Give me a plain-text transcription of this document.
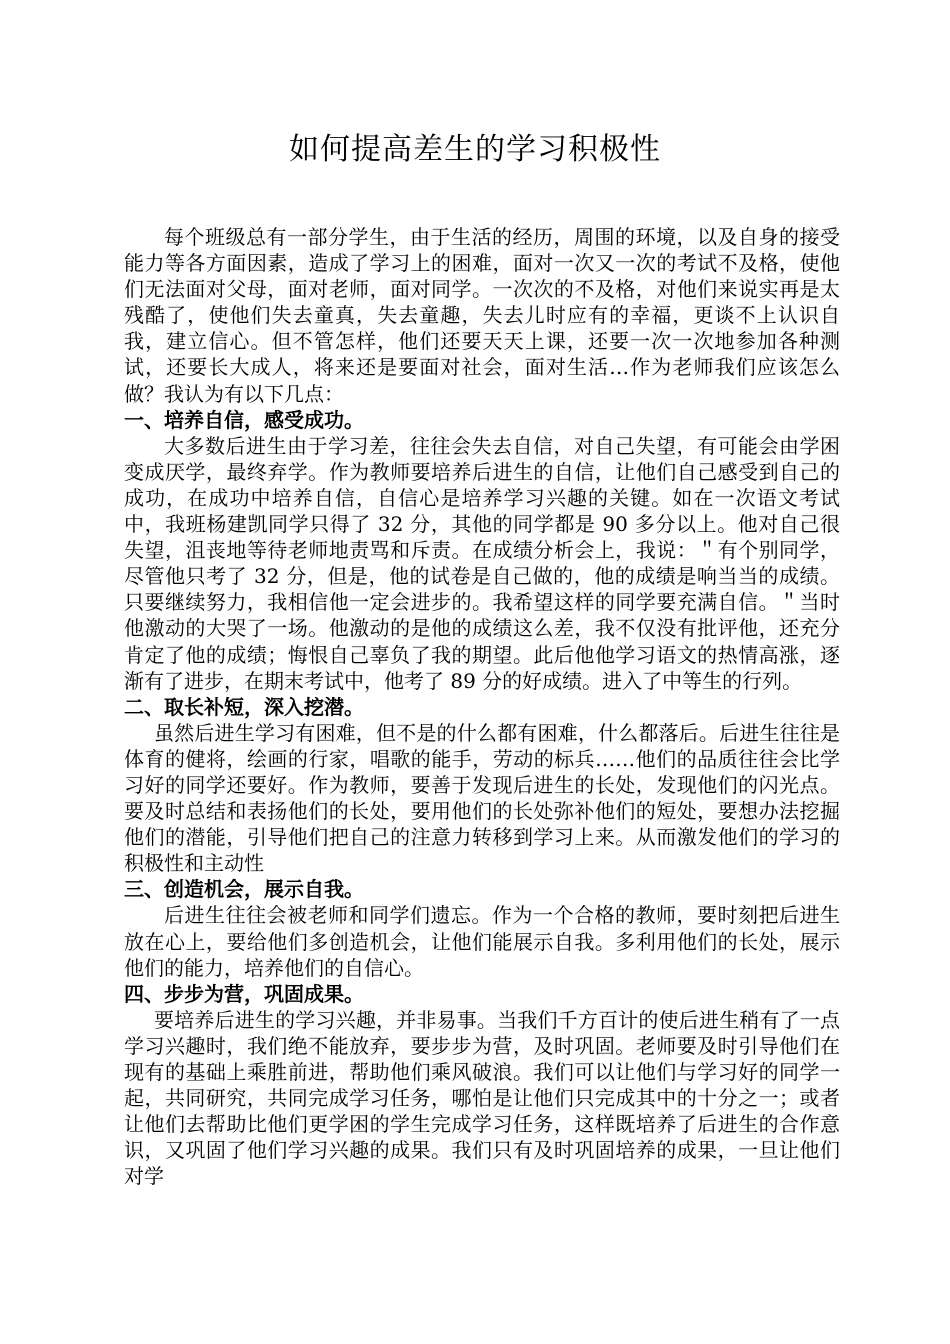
如何提高差生的学习积极性

每个班级总有一部分学生，由于生活的经历，周围的环境，以及自身的接受能力等各方面因素，造成了学习上的困难，面对一次又一次的考试不及格，使他们无法面对父母，面对老师，面对同学。一次次的不及格，对他们来说实再是太残酷了，使他们失去童真，失去童趣，失去儿时应有的幸福，更谈不上认识自我，建立信心。但不管怎样，他们还要天天上课，还要一次一次地参加各种测试，还要长大成人，将来还是要面对社会，面对生活…作为老师我们应该怎么做？我认为有以下几点：

一、培养自信，感受成功。

大多数后进生由于学习差，往往会失去自信，对自己失望，有可能会由学困变成厌学，最终弃学。作为教师要培养后进生的自信，让他们自己感受到自己的成功，在成功中培养自信，自信心是培养学习兴趣的关键。如在一次语文考试中，我班杨建凯同学只得了 32 分，其他的同学都是 90 多分以上。他对自己很失望，沮丧地等待老师地责骂和斥责。在成绩分析会上，我说：＂有个别同学，尽管他只考了 32 分，但是，他的试卷是自己做的，他的成绩是响当当的成绩。只要继续努力，我相信他一定会进步的。我希望这样的同学要充满自信。＂当时他激动的大哭了一场。他激动的是他的成绩这么差，我不仅没有批评他，还充分肯定了他的成绩；悔恨自己辜负了我的期望。此后他他学习语文的热情高涨，逐渐有了进步，在期末考试中，他考了 89 分的好成绩。进入了中等生的行列。

二、取长补短，深入挖潜。

虽然后进生学习有困难，但不是的什么都有困难，什么都落后。后进生往往是体育的健将，绘画的行家，唱歌的能手，劳动的标兵……他们的品质往往会比学习好的同学还要好。作为教师，要善于发现后进生的长处，发现他们的闪光点。要及时总结和表扬他们的长处，要用他们的长处弥补他们的短处，要想办法挖掘他们的潜能，引导他们把自己的注意力转移到学习上来。从而激发他们的学习的积极性和主动性

三、创造机会，展示自我。

后进生往往会被老师和同学们遗忘。作为一个合格的教师，要时刻把后进生放在心上，要给他们多创造机会，让他们能展示自我。多利用他们的长处，展示他们的能力，培养他们的自信心。

四、步步为营，巩固成果。

要培养后进生的学习兴趣，并非易事。当我们千方百计的使后进生稍有了一点学习兴趣时，我们绝不能放弃，要步步为营，及时巩固。老师要及时引导他们在现有的基础上乘胜前进，帮助他们乘风破浪。我们可以让他们与学习好的同学一起，共同研究，共同完成学习任务，哪怕是让他们只完成其中的十分之一；或者让他们去帮助比他们更学困的学生完成学习任务，这样既培养了后进生的合作意识，又巩固了他们学习兴趣的成果。我们只有及时巩固培养的成果，一旦让他们对学
